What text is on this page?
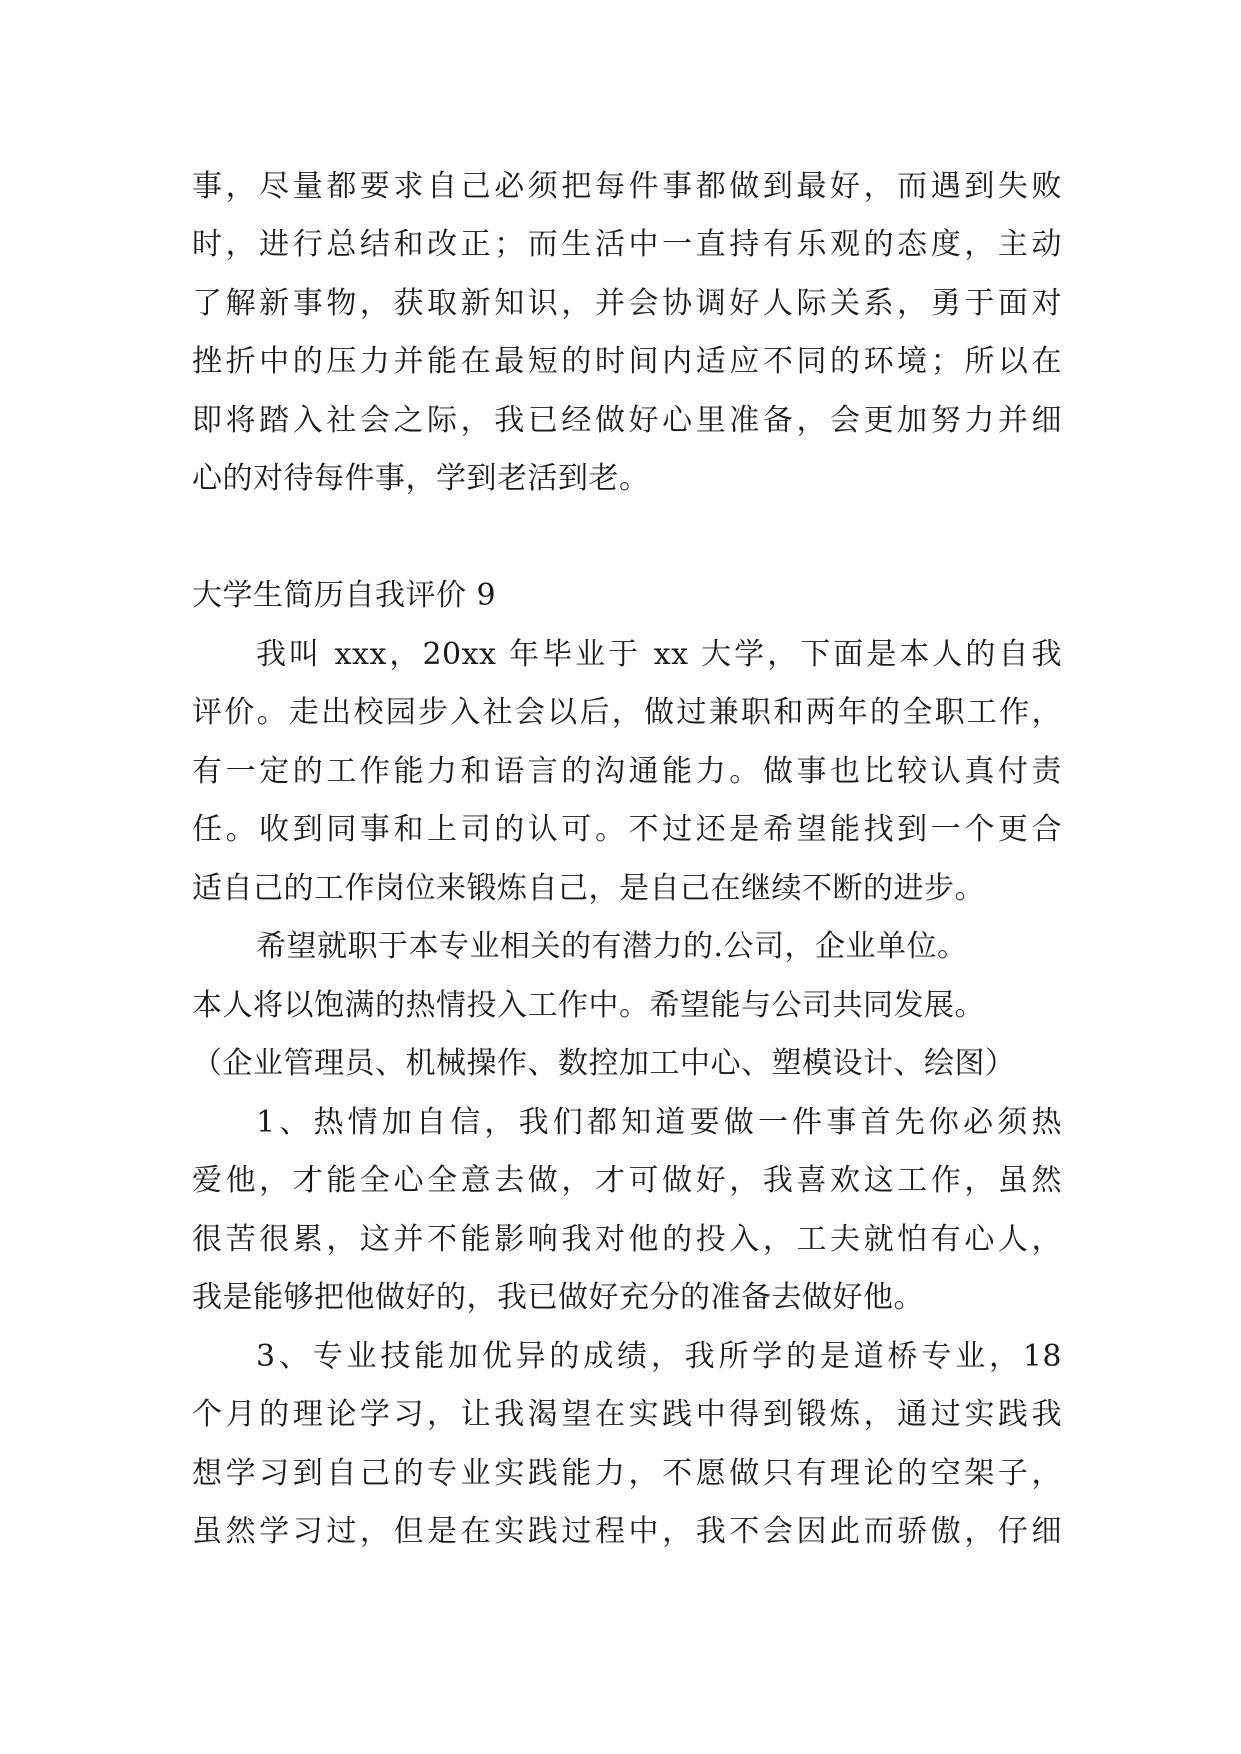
事，尽量都要求自己必须把每件事都做到最好，而遇到失败
时，进行总结和改正；而生活中一直持有乐观的态度，主动
了解新事物，获取新知识，并会协调好人际关系，勇于面对
挫折中的压力并能在最短的时间内适应不同的环境；所以在
即将踏入社会之际，我已经做好心里准备，会更加努力并细
心的对待每件事，学到老活到老。
大学生简历自我评价 9
我叫 xxx，20xx 年毕业于 xx 大学，下面是本人的自我
评价。走出校园步入社会以后，做过兼职和两年的全职工作，
有一定的工作能力和语言的沟通能力。做事也比较认真付责
任。收到同事和上司的认可。不过还是希望能找到一个更合
适自己的工作岗位来锻炼自己，是自己在继续不断的进步。
希望就职于本专业相关的有潜力的.公司，企业单位。
本人将以饱满的热情投入工作中。希望能与公司共同发展。
（企业管理员、机械操作、数控加工中心、塑模设计、绘图）
1、热情加自信，我们都知道要做一件事首先你必须热
爱他，才能全心全意去做，才可做好，我喜欢这工作，虽然
很苦很累，这并不能影响我对他的投入，工夫就怕有心人，
我是能够把他做好的，我已做好充分的准备去做好他。
3、专业技能加优异的成绩，我所学的是道桥专业，18
个月的理论学习，让我渴望在实践中得到锻炼，通过实践我
想学习到自己的专业实践能力，不愿做只有理论的空架子，
虽然学习过，但是在实践过程中，我不会因此而骄傲，仔细
